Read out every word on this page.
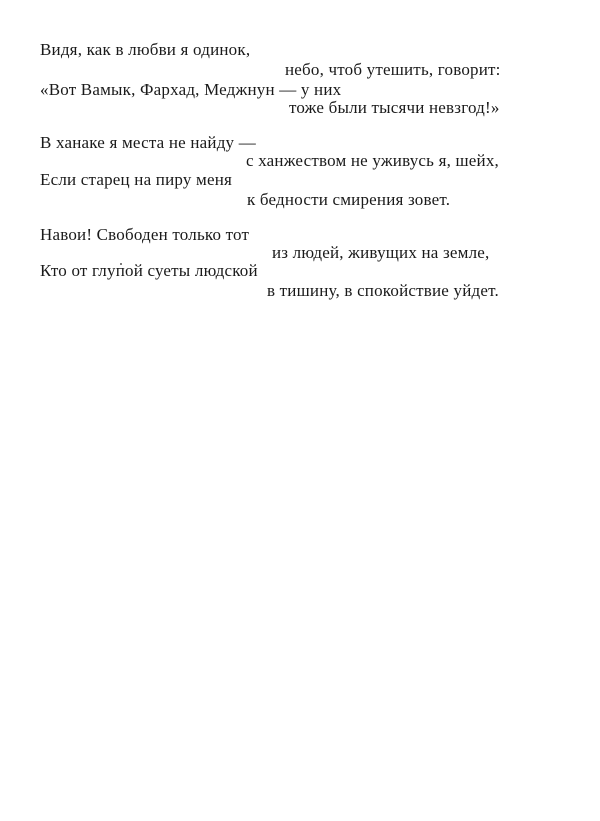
Видя, как в любви я одинок,
небо, чтоб утешить, говорит:
«Вот Вамык, Фархад, Меджнун — у них
тоже были тысячи невзгод!»
В ханаке я места не найду —
с ханжеством не уживусь я, шейх,
Если старец на пиру меня
к бедности смирения зовет.
Навои! Свободен только тот
из людей, живущих на земле,
Кто от глупой суеты людской
в тишину, в спокойствие уйдет.
